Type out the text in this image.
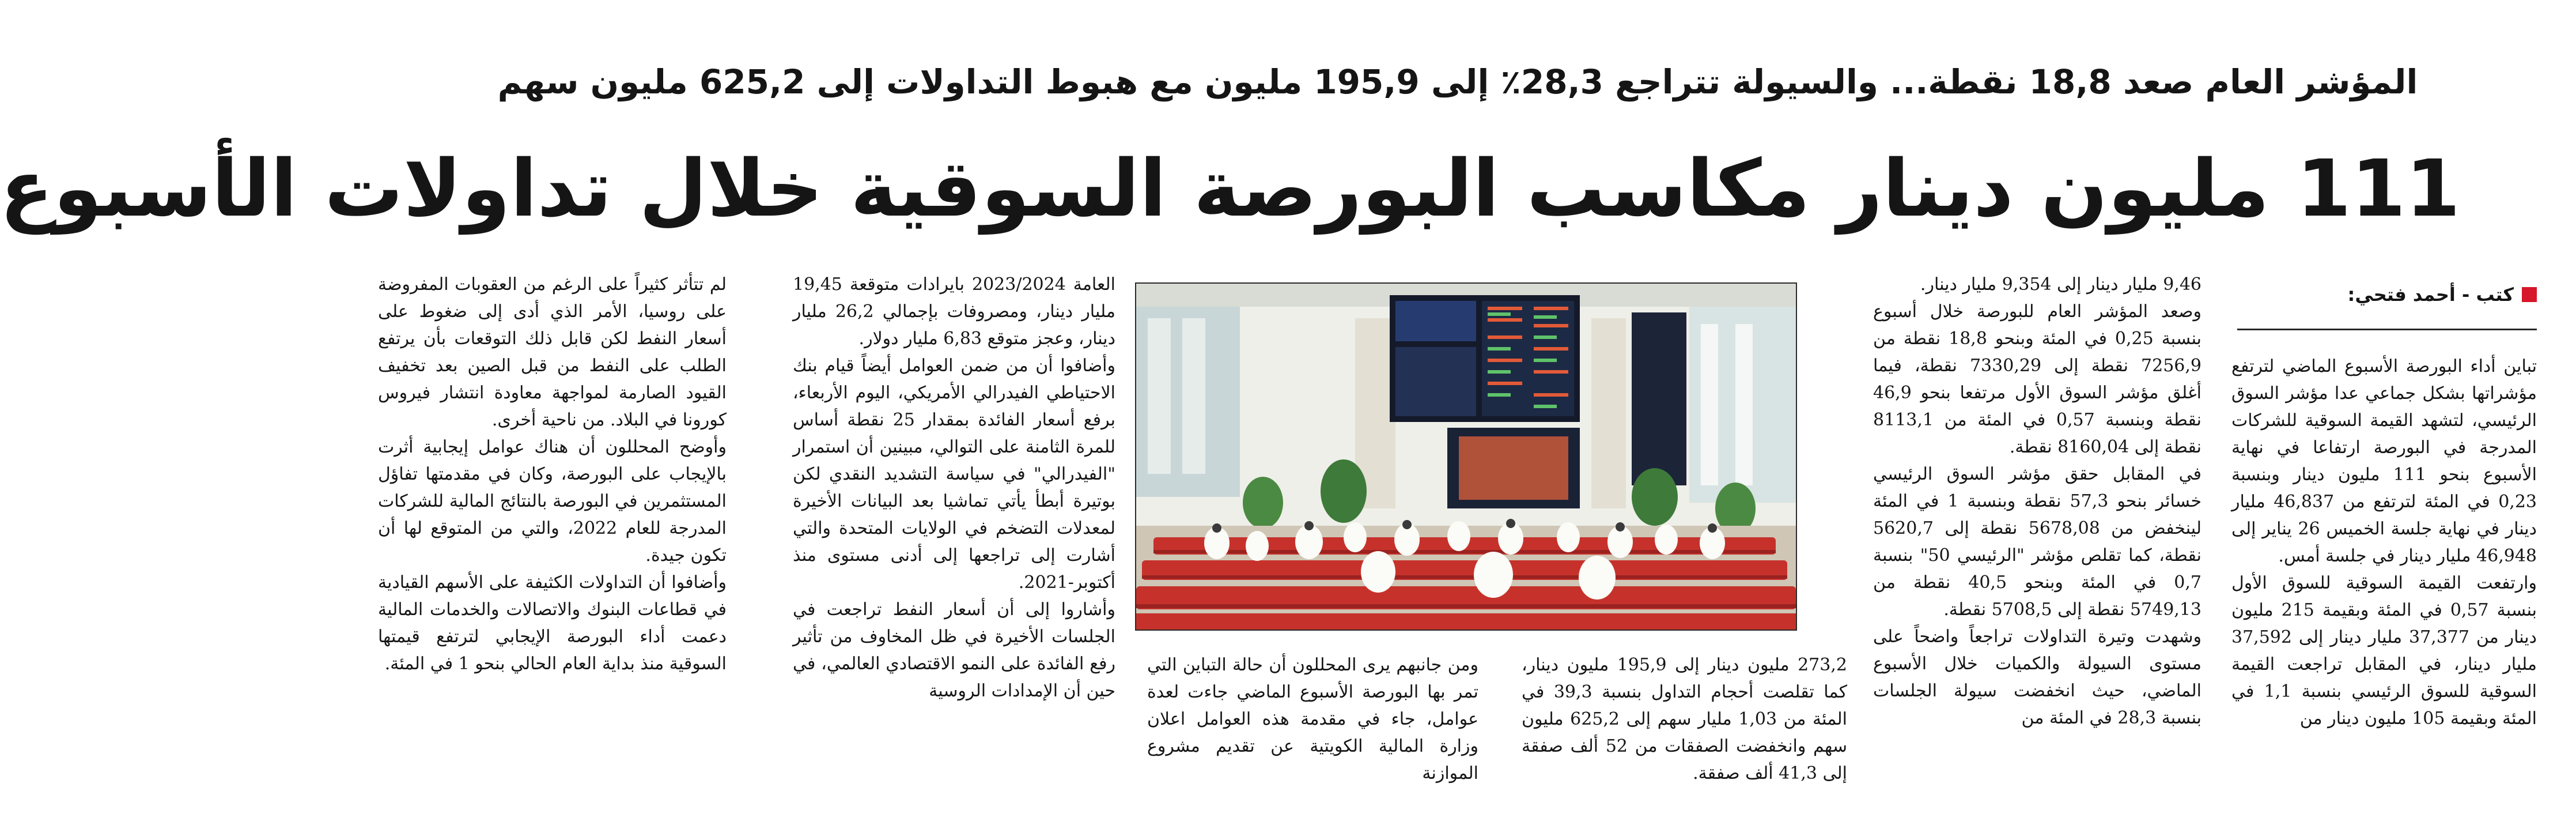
المؤشر العام صعد 18,8 نقطة... والسيولة تتراجع 28,3٪ إلى 195,9 مليون مع هبوط التداولات إلى 625,2 مليون سهم
111 مليون دينار مكاسب البورصة السوقية خلال تداولات الأسبوع
كتب - أحمد فتحي:

تباين أداء البورصة الأسبوع الماضي لترتفع مؤشراتها بشكل جماعي عدا مؤشر السوق الرئيسي، لتشهد القيمة السوقية للشركات المدرجة في البورصة ارتفاعا في نهاية الأسبوع بنحو 111 مليون دينار وبنسبة 0,23 في المئة لترتفع من 46,837 مليار دينار في نهاية جلسة الخميس 26 يناير إلى 46,948 مليار دينار في جلسة أمس.

وارتفعت القيمة السوقية للسوق الأول بنسبة 0,57 في المئة وبقيمة 215 مليون دينار من 37,377 مليار دينار إلى 37,592 مليار دينار، في المقابل تراجعت القيمة السوقية للسوق الرئيسي بنسبة 1,1 في المئة وبقيمة 105 مليون دينار من

9,46 مليار دينار إلى 9,354 مليار دينار.

وصعد المؤشر العام للبورصة خلال أسبوع بنسبة 0,25 في المئة وبنحو 18,8 نقطة من 7256,9 نقطة إلى 7330,29 نقطة، فيما أغلق مؤشر السوق الأول مرتفعا بنحو 46,9 نقطة وبنسبة 0,57 في المئة من 8113,1 نقطة إلى 8160,04 نقطة.

في المقابل حقق مؤشر السوق الرئيسي خسائر بنحو 57,3 نقطة وبنسبة 1 في المئة لينخفض من 5678,08 نقطة إلى 5620,7 نقطة، كما تقلص مؤشر "الرئيسي 50" بنسبة 0,7 في المئة وبنحو 40,5 نقطة من 5749,13 نقطة إلى 5708,5 نقطة.

وشهدت وتيرة التداولات تراجعاً واضحاً على مستوى السيولة والكميات خلال الأسبوع الماضي، حيث انخفضت سيولة الجلسات بنسبة 28,3 في المئة من

العامة 2023/2024 بايرادات متوقعة 19,45 مليار دينار، ومصروفات بإجمالي 26,2 مليار دينار، وعجز متوقع 6,83 مليار دولار.

وأضافوا أن من ضمن العوامل أيضاً قيام بنك الاحتياطي الفيدرالي الأمريكي، اليوم الأربعاء، برفع أسعار الفائدة بمقدار 25 نقطة أساس للمرة الثامنة على التوالي، مبينين أن استمرار "الفيدرالي" في سياسة التشديد النقدي لكن بوتيرة أبطأ يأتي تماشيا بعد البيانات الأخيرة لمعدلات التضخم في الولايات المتحدة والتي أشارت إلى تراجعها إلى أدنى مستوى منذ أكتوبر-2021.

وأشاروا إلى أن أسعار النفط تراجعت في الجلسات الأخيرة في ظل المخاوف من تأثير رفع الفائدة على النمو الاقتصادي العالمي، في حين أن الإمدادات الروسية

لم تتأثر كثيراً على الرغم من العقوبات المفروضة على روسيا، الأمر الذي أدى إلى ضغوط على أسعار النفط لكن قابل ذلك التوقعات بأن يرتفع الطلب على النفط من قبل الصين بعد تخفيف القيود الصارمة لمواجهة معاودة انتشار فيروس كورونا في البلاد. من ناحية أخرى.

وأوضح المحللون أن هناك عوامل إيجابية أثرت بالإيجاب على البورصة، وكان في مقدمتها تفاؤل المستثمرين في البورصة بالنتائج المالية للشركات المدرجة للعام 2022، والتي من المتوقع لها أن تكون جيدة.

وأضافوا أن التداولات الكثيفة على الأسهم القيادية في قطاعات البنوك والاتصالات والخدمات المالية دعمت أداء البورصة الإيجابي لترتفع قيمتها السوقية منذ بداية العام الحالي بنحو 1 في المئة.	ومن جانبهم يرى المحللون أن حالة التباين التي تمر بها البورصة الأسبوع الماضي جاءت لعدة عوامل، جاء في مقدمة هذه العوامل اعلان وزارة المالية الكويتية عن تقديم مشروع الموازنة

273,2 مليون دينار إلى 195,9 مليون دينار، كما تقلصت أحجام التداول بنسبة 39,3 في المئة من 1,03 مليار سهم إلى 625,2 مليون سهم وانخفضت الصفقات من 52 ألف صفقة إلى 41,3 ألف صفقة.
